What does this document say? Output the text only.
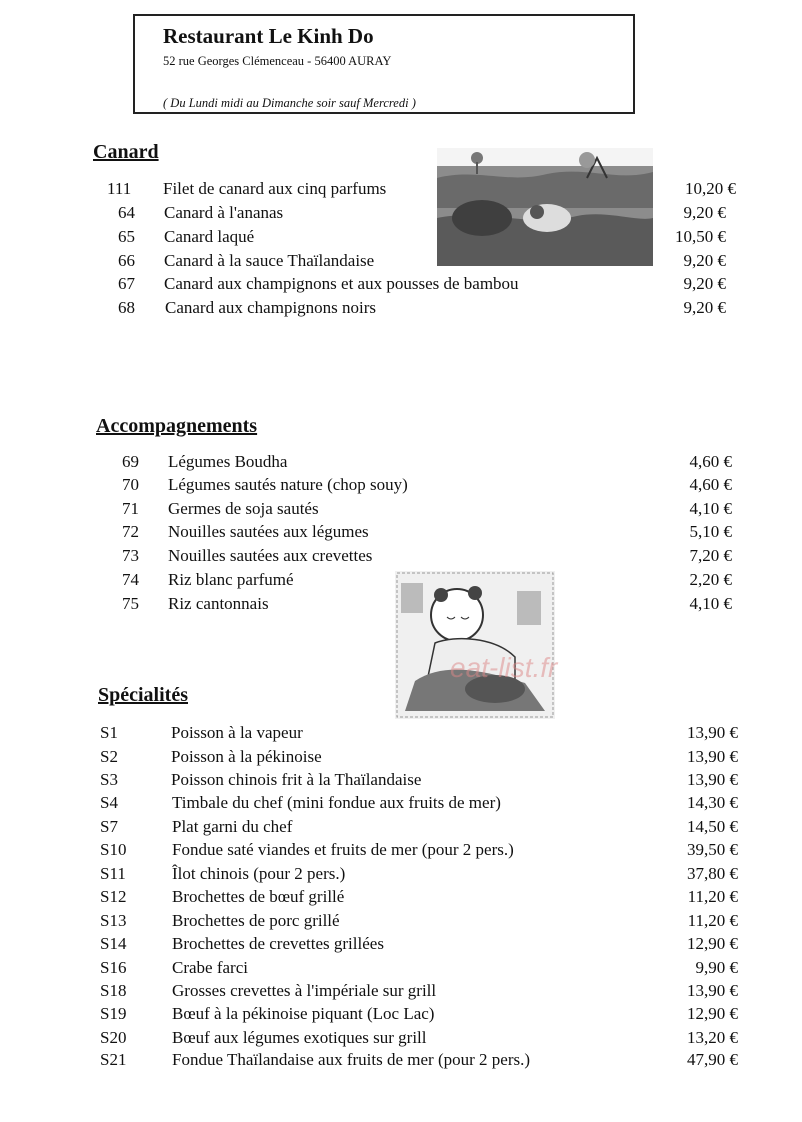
Restaurant Le Kinh Do
52 rue Georges Clémenceau - 56400 AURAY
( Du Lundi midi au Dimanche soir sauf Mercredi )
Canard
Accompagnements
Spécialités
eat-list.fr
111	Filet de canard aux cinq parfums	10,20 €
64	Canard à l'ananas	9,20 €
65	Canard laqué	10,50 €
66	Canard à la sauce Thaïlandaise	9,20 €
67	Canard aux champignons et aux pousses de bambou	9,20 €
68	Canard aux champignons noirs	9,20 €
69	Légumes Boudha	4,60 €
70	Légumes sautés nature (chop souy)	4,60 €
71	Germes de soja sautés	4,10 €
72	Nouilles sautées aux légumes	5,10 €
73	Nouilles sautées aux crevettes	7,20 €
74	Riz blanc parfumé	2,20 €
75	Riz cantonnais	4,10 €
S1	Poisson à la vapeur	13,90 €
S2	Poisson à la pékinoise	13,90 €
S3	Poisson chinois frit à la Thaïlandaise	13,90 €
S4	Timbale du chef (mini fondue aux fruits de mer)	14,30 €
S7	Plat garni du chef	14,50 €
S10	Fondue saté viandes et fruits de mer (pour 2 pers.)	39,50 €
S11	Îlot chinois (pour 2 pers.)	37,80 €
S12	Brochettes de bœuf grillé	11,20 €
S13	Brochettes de porc grillé	11,20 €
S14	Brochettes de crevettes grillées	12,90 €
S16	Crabe farci	9,90 €
S18	Grosses crevettes à l'impériale sur grill	13,90 €
S19	Bœuf à la pékinoise piquant (Loc Lac)	12,90 €
S20	Bœuf aux légumes exotiques sur grill	13,20 €
S21	Fondue Thaïlandaise aux fruits de mer (pour 2 pers.)	47,90 €
